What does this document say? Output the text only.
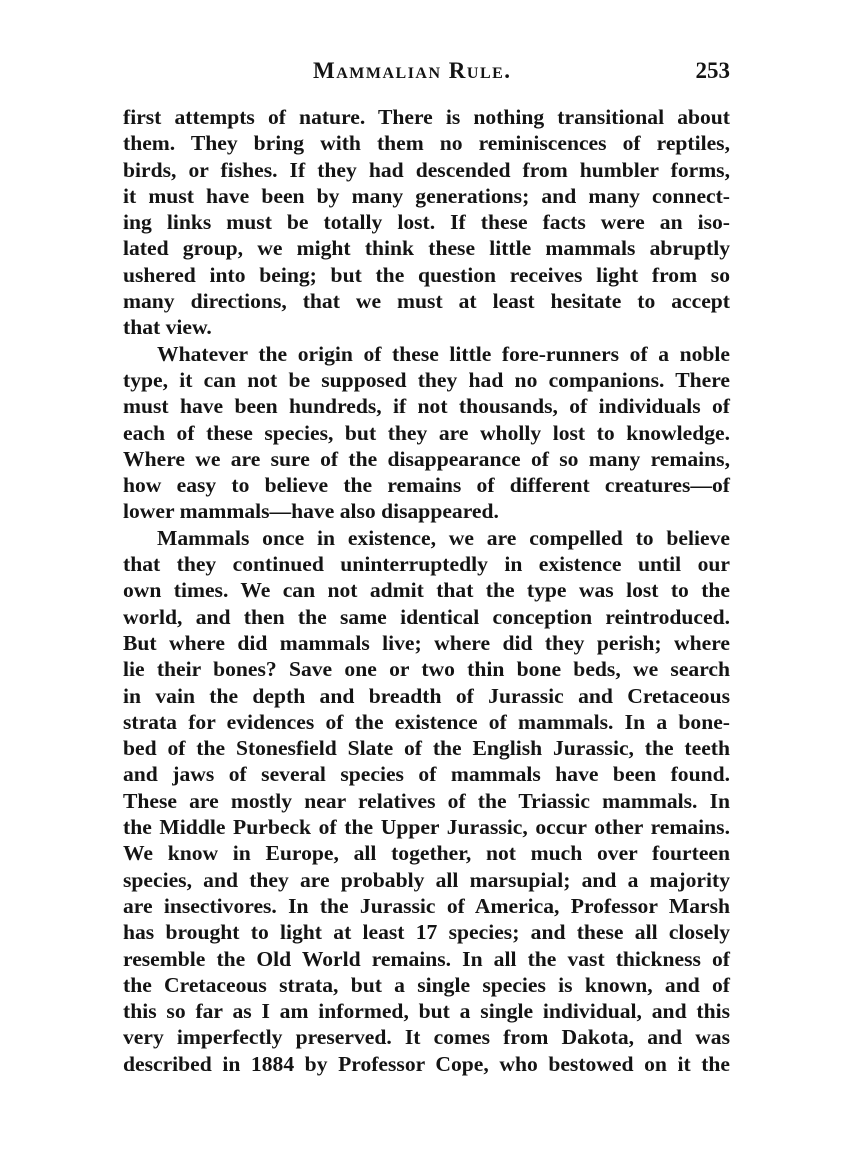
Mammalian Rule.	253
first attempts of nature. There is nothing transitional about
them. They bring with them no reminiscences of reptiles,
birds, or fishes. If they had descended from humbler forms,
it must have been by many generations; and many connect-
ing links must be totally lost. If these facts were an iso-
lated group, we might think these little mammals abruptly
ushered into being; but the question receives light from so
many directions, that we must at least hesitate to accept
that view.
Whatever the origin of these little fore-runners of a noble
type, it can not be supposed they had no companions. There
must have been hundreds, if not thousands, of individuals of
each of these species, but they are wholly lost to knowledge.
Where we are sure of the disappearance of so many remains,
how easy to believe the remains of different creatures—of
lower mammals—have also disappeared.
Mammals once in existence, we are compelled to believe
that they continued uninterruptedly in existence until our
own times. We can not admit that the type was lost to the
world, and then the same identical conception reintroduced.
But where did mammals live; where did they perish; where
lie their bones? Save one or two thin bone beds, we search
in vain the depth and breadth of Jurassic and Cretaceous
strata for evidences of the existence of mammals. In a bone-
bed of the Stonesfield Slate of the English Jurassic, the teeth
and jaws of several species of mammals have been found.
These are mostly near relatives of the Triassic mammals. In
the Middle Purbeck of the Upper Jurassic, occur other remains.
We know in Europe, all together, not much over fourteen
species, and they are probably all marsupial; and a majority
are insectivores. In the Jurassic of America, Professor Marsh
has brought to light at least 17 species; and these all closely
resemble the Old World remains. In all the vast thickness of
the Cretaceous strata, but a single species is known, and of
this so far as I am informed, but a single individual, and this
very imperfectly preserved. It comes from Dakota, and was
described in 1884 by Professor Cope, who bestowed on it the
